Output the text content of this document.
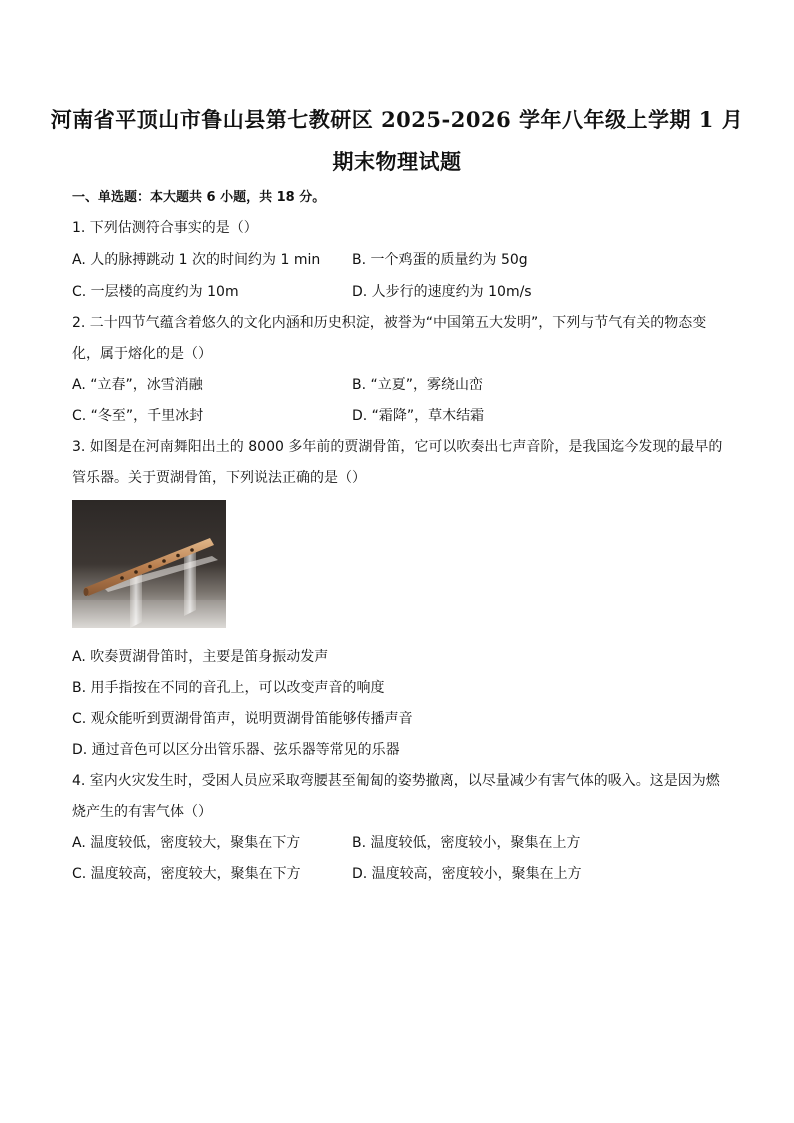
河南省平顶山市鲁山县第七教研区 2025-2026 学年八年级上学期 1 月
期末物理试题
一、单选题：本大题共 6 小题，共 18 分。
1. 下列估测符合事实的是（）
A. 人的脉搏跳动 1 次的时间约为 1 min B. 一个鸡蛋的质量约为 50g
C. 一层楼的高度约为 10m	D. 人步行的速度约为 10m/s
2. 二十四节气蕴含着悠久的文化内涵和历史积淀，被誉为“中国第五大发明”，下列与节气有关的物态变
化，属于熔化的是（）
A. “立春”，冰雪消融	B. “立夏”，雾绕山峦
C. “冬至”，千里冰封	D. “霜降”，草木结霜
3. 如图是在河南舞阳出土的 8000 多年前的贾湖骨笛，它可以吹奏出七声音阶，是我国迄今发现的最早的
管乐器。关于贾湖骨笛，下列说法正确的是（）
A. 吹奏贾湖骨笛时，主要是笛身振动发声
B. 用手指按在不同的音孔上，可以改变声音的响度
C. 观众能听到贾湖骨笛声，说明贾湖骨笛能够传播声音
D. 通过音色可以区分出管乐器、弦乐器等常见的乐器
4. 室内火灾发生时，受困人员应采取弯腰甚至匍匐的姿势撤离，以尽量减少有害气体的吸入。这是因为燃
烧产生的有害气体（）
A. 温度较低，密度较大，聚集在下方	B. 温度较低，密度较小，聚集在上方
C. 温度较高，密度较大，聚集在下方	D. 温度较高，密度较小，聚集在上方
